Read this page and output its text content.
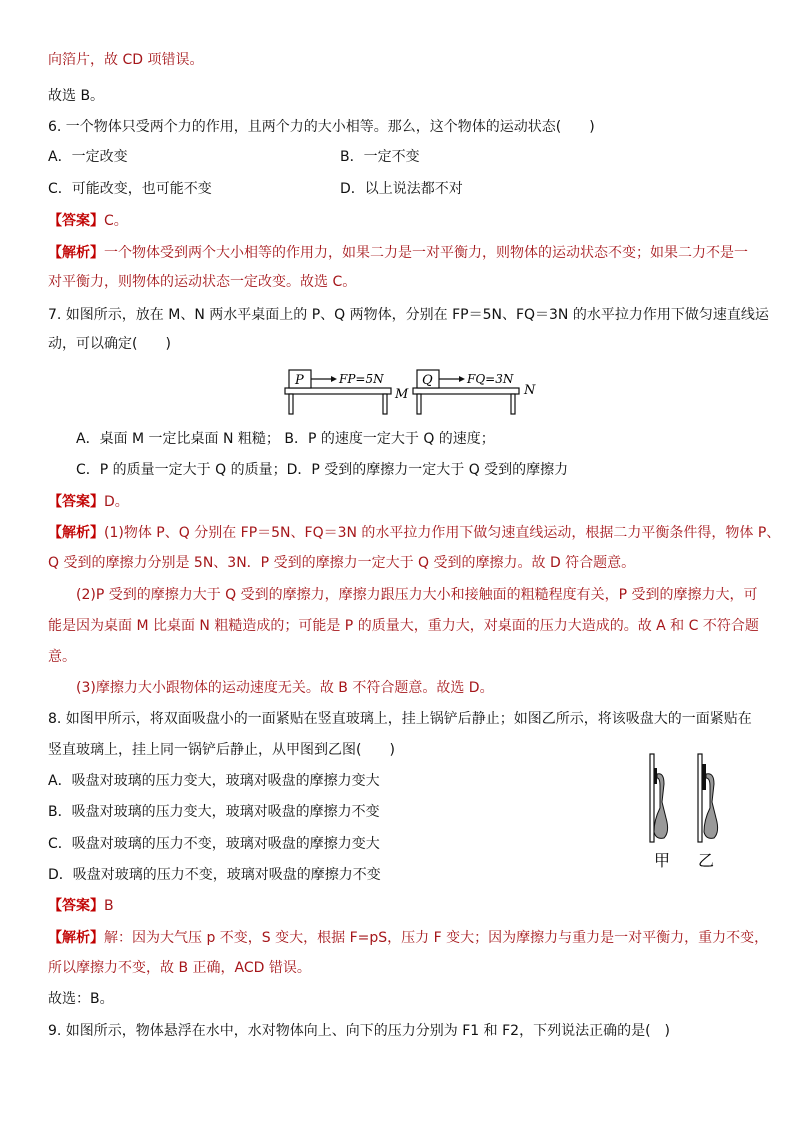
向箔片，故 CD 项错误。
故选 B。
6. 一个物体只受两个力的作用，且两个力的大小相等。那么，这个物体的运动状态(　　)
A．一定改变	B．一定不变
C．可能改变，也可能不变	D．以上说法都不对
【答案】C。
【解析】一个物体受到两个大小相等的作用力，如果二力是一对平衡力，则物体的运动状态不变；如果二力不是一
对平衡力，则物体的运动状态一定改变。故选 C。
7. 如图所示，放在 M、N 两水平桌面上的 P、Q 两物体，分别在 FP＝5N、FQ＝3N 的水平拉力作用下做匀速直线运
动，可以确定(　　)
P	FP=5N
M
Q	FQ=3N
N
A．桌面 M 一定比桌面 N 粗糙； B．P 的速度一定大于 Q 的速度；
C．P 的质量一定大于 Q 的质量；D．P 受到的摩擦力一定大于 Q 受到的摩擦力
【答案】D。
【解析】(1)物体 P、Q 分别在 FP＝5N、FQ＝3N 的水平拉力作用下做匀速直线运动，根据二力平衡条件得，物体 P、
Q 受到的摩擦力分别是 5N、3N．P 受到的摩擦力一定大于 Q 受到的摩擦力。故 D 符合题意。
(2)P 受到的摩擦力大于 Q 受到的摩擦力，摩擦力跟压力大小和接触面的粗糙程度有关，P 受到的摩擦力大，可
能是因为桌面 M 比桌面 N 粗糙造成的；可能是 P 的质量大，重力大，对桌面的压力大造成的。故 A 和 C 不符合题
意。
(3)摩擦力大小跟物体的运动速度无关。故 B 不符合题意。故选 D。
8. 如图甲所示，将双面吸盘小的一面紧贴在竖直玻璃上，挂上锅铲后静止；如图乙所示，将该吸盘大的一面紧贴在
竖直玻璃上，挂上同一锅铲后静止，从甲图到乙图(　　)
A．吸盘对玻璃的压力变大，玻璃对吸盘的摩擦力变大
B．吸盘对玻璃的压力变大，玻璃对吸盘的摩擦力不变
C．吸盘对玻璃的压力不变，玻璃对吸盘的摩擦力变大
D．吸盘对玻璃的压力不变，玻璃对吸盘的摩擦力不变
甲 乙
【答案】B
【解析】解：因为大气压 p 不变，S 变大，根据 F=pS，压力 F 变大；因为摩擦力与重力是一对平衡力，重力不变，
所以摩擦力不变，故 B 正确，ACD 错误。
故选：B。
9. 如图所示，物体悬浮在水中，水对物体向上、向下的压力分别为 F1 和 F2，下列说法正确的是(　)
